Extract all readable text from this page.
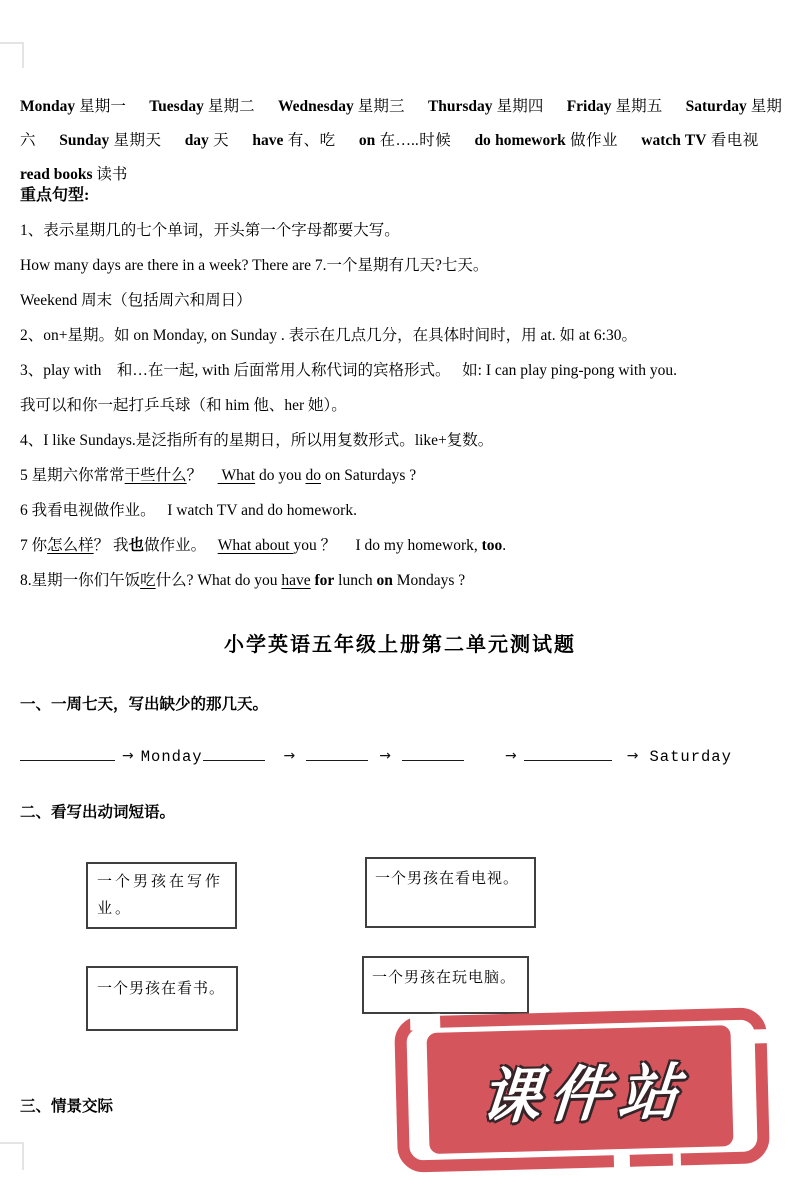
Monday 星期一   Tuesday 星期二   Wednesday 星期三   Thursday 星期四   Friday 星期五   Saturday 星期六   Sunday 星期天   day 天   have 有、吃   on 在…..时候   do homework 做作业   watch TV 看电视  read books 读书

重点句型:

1、表示星期几的七个单词，开头第一个字母都要大写。

How many days are there in a week? There are 7.一个星期有几天?七天。

Weekend 周末（包括周六和周日）

2、on+星期。如 on Monday, on Sunday . 表示在几点几分，在具体时间时，用 at. 如 at 6:30。

3、play with　和…在一起, with 后面常用人称代词的宾格形式。　 如: I can play ping-pong with you.

我可以和你一起打乒乓球（和 him 他、her 她）。

4、I like Sundays.是泛指所有的星期日，所以用复数形式。like+复数。

5 星期六你常常干些什么？　 What do you do on Saturdays ?

6 我看电视做作业。　 I watch TV and do homework.

7 你怎么样？ 我也做作业。　 What about you ？　 I do my homework, too.

8.星期一你们午饭吃什么? What do you have for lunch on Mondays ?

小学英语五年级上册第二单元测试题

一、一周七天，写出缺少的那几天。

→ Monday	→	→	→	→ Saturday

二、看写出动词短语。

一个男孩在写作业。
一个男孩在看电视。
一个男孩在看书。
一个男孩在玩电脑。

三、情景交际	课件站
